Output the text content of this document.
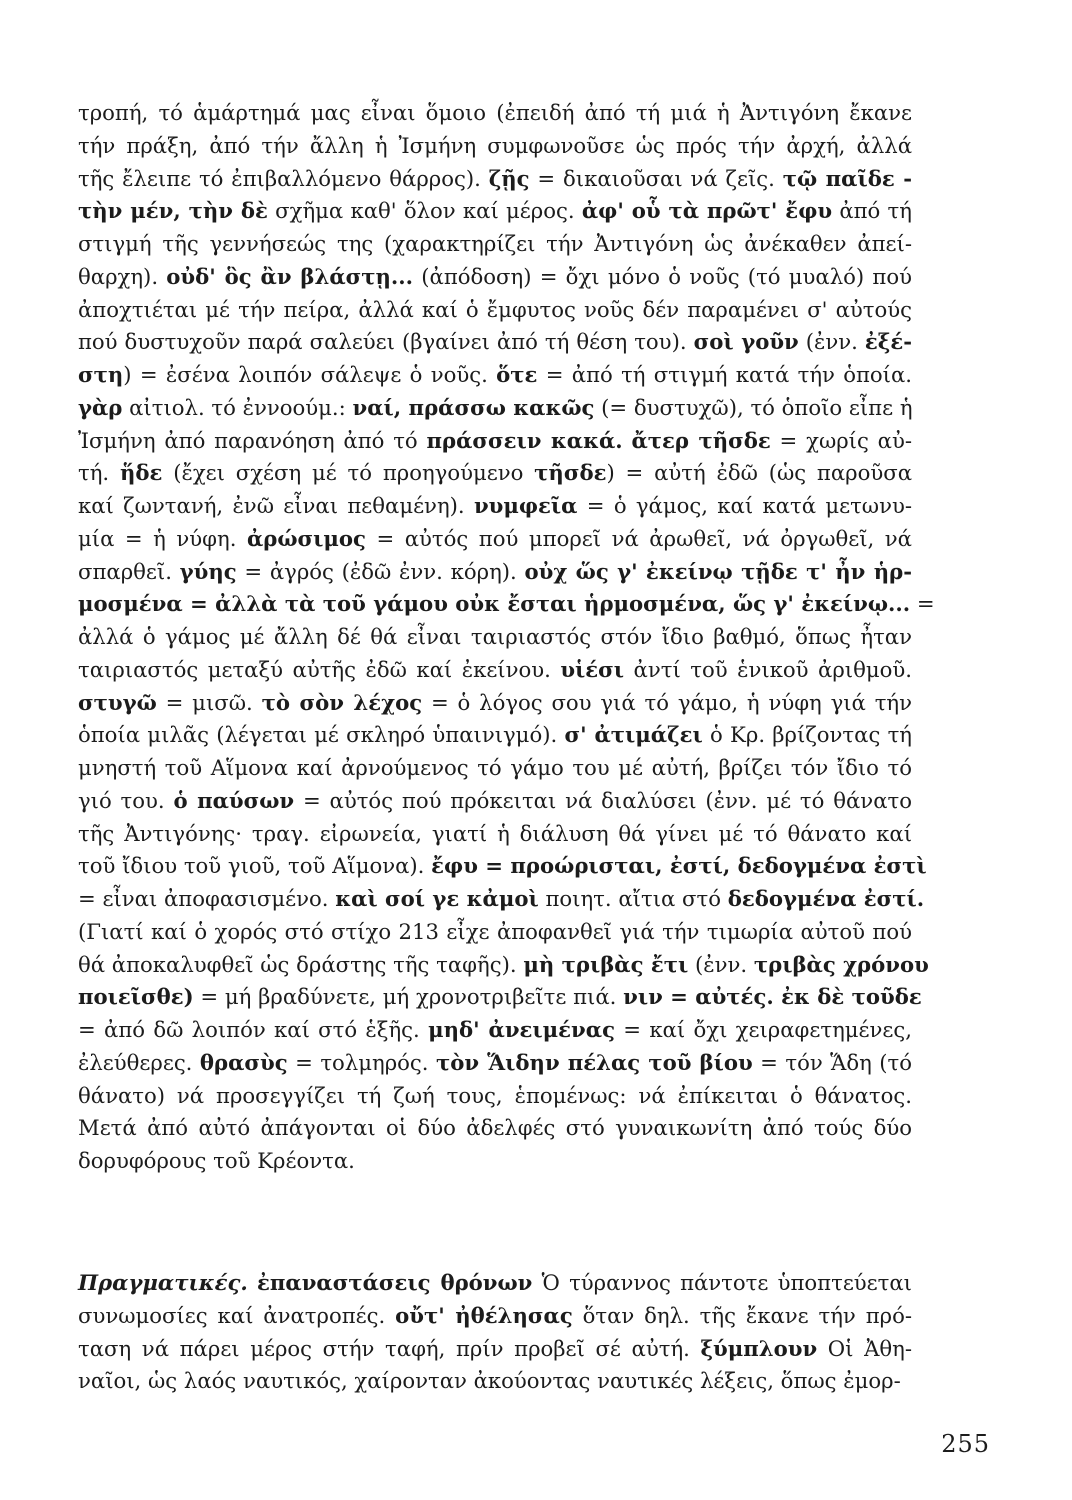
τροπή, τό ἁμάρτημά μας εἶναι ὅμοιο (ἐπειδή ἀπό τή μιά ἡ Ἀντιγόνη ἔκανε
τήν πράξη, ἀπό τήν ἄλλη ἡ Ἰσμήνη συμφωνοῦσε ὡς πρός τήν ἀρχή, ἀλλά
τῆς ἔλειπε τό ἐπιβαλλόμενο θάρρος). ζῇς = δικαιοῦσαι νά ζεῖς. τῷ παῖδε -
τὴν μέν, τὴν δὲ σχῆμα καθ' ὅλον καί μέρος. ἀφ' οὗ τὰ πρῶτ' ἔφυ ἀπό τή
στιγμή τῆς γεννήσεώς της (χαρακτηρίζει τήν Ἀντιγόνη ὡς ἀνέκαθεν ἀπεί-
θαρχη). οὐδ' ὃς ἂν βλάστῃ... (ἀπόδοση) = ὄχι μόνο ὁ νοῦς (τό μυαλό) πού
ἀποχτιέται μέ τήν πείρα, ἀλλά καί ὁ ἔμφυτος νοῦς δέν παραμένει σ' αὐτούς
πού δυστυχοῦν παρά σαλεύει (βγαίνει ἀπό τή θέση του). σοὶ γοῦν (ἐνν. ἐξέ-
στη) = ἐσένα λοιπόν σάλεψε ὁ νοῦς. ὅτε = ἀπό τή στιγμή κατά τήν ὁποία.
γὰρ αἰτιολ. τό ἐννοούμ.: ναί, πράσσω κακῶς (= δυστυχῶ), τό ὁποῖο εἶπε ἡ
Ἰσμήνη ἀπό παρανόηση ἀπό τό πράσσειν κακά. ἄτερ τῆσδε = χωρίς αὐ-
τή. ἥδε (ἔχει σχέση μέ τό προηγούμενο τῆσδε) = αὐτή ἐδῶ (ὡς παροῦσα
καί ζωντανή, ἐνῶ εἶναι πεθαμένη). νυμφεῖα = ὁ γάμος, καί κατά μετωνυ-
μία = ἡ νύφη. ἀρώσιμος = αὐτός πού μπορεῖ νά ἀρωθεῖ, νά ὀργωθεῖ, νά
σπαρθεῖ. γύης = ἀγρός (ἐδῶ ἐνν. κόρη). οὐχ ὥς γ' ἐκείνῳ τῇδε τ' ἦν ἡρ-
μοσμένα = ἀλλὰ τὰ τοῦ γάμου οὐκ ἔσται ἡρμοσμένα, ὥς γ' ἐκείνῳ... =
ἀλλά ὁ γάμος μέ ἄλλη δέ θά εἶναι ταιριαστός στόν ἴδιο βαθμό, ὅπως ἦταν
ταιριαστός μεταξύ αὐτῆς ἐδῶ καί ἐκείνου. υἱέσι ἀντί τοῦ ἑνικοῦ ἀριθμοῦ.
στυγῶ = μισῶ. τὸ σὸν λέχος = ὁ λόγος σου γιά τό γάμο, ἡ νύφη γιά τήν
ὁποία μιλᾶς (λέγεται μέ σκληρό ὑπαινιγμό). σ' ἀτιμάζει ὁ Κρ. βρίζοντας τή
μνηστή τοῦ Αἵμονα καί ἀρνούμενος τό γάμο του μέ αὐτή, βρίζει τόν ἴδιο τό
γιό του. ὁ παύσων = αὐτός πού πρόκειται νά διαλύσει (ἐνν. μέ τό θάνατο
τῆς Ἀντιγόνης· τραγ. εἰρωνεία, γιατί ἡ διάλυση θά γίνει μέ τό θάνατο καί
τοῦ ἴδιου τοῦ γιοῦ, τοῦ Αἵμονα). ἔφυ = προώρισται, ἐστί, δεδογμένα ἐστὶ
= εἶναι ἀποφασισμένο. καὶ σοί γε κἀμοὶ ποιητ. αἴτια στό δεδογμένα ἐστί.
(Γιατί καί ὁ χορός στό στίχο 213 εἶχε ἀποφανθεῖ γιά τήν τιμωρία αὐτοῦ πού
θά ἀποκαλυφθεῖ ὡς δράστης τῆς ταφῆς). μὴ τριβὰς ἔτι (ἐνν. τριβὰς χρόνου
ποιεῖσθε) = μή βραδύνετε, μή χρονοτριβεῖτε πιά. νιν = αὐτές. ἐκ δὲ τοῦδε
= ἀπό δῶ λοιπόν καί στό ἑξῆς. μηδ' ἀνειμένας = καί ὄχι χειραφετημένες,
ἐλεύθερες. θρασὺς = τολμηρός. τὸν Ἅιδην πέλας τοῦ βίου = τόν Ἅδη (τό
θάνατο) νά προσεγγίζει τή ζωή τους, ἑπομένως: νά ἐπίκειται ὁ θάνατος.
Μετά ἀπό αὐτό ἀπάγονται οἱ δύο ἀδελφές στό γυναικωνίτη ἀπό τούς δύο
δορυφόρους τοῦ Κρέοντα.
Πραγματικές. ἐπαναστάσεις θρόνων Ὁ τύραννος πάντοτε ὑποπτεύεται
συνωμοσίες καί ἀνατροπές. οὔτ' ἠθέλησας ὅταν δηλ. τῆς ἔκανε τήν πρό-
ταση νά πάρει μέρος στήν ταφή, πρίν προβεῖ σέ αὐτή. ξύμπλουν Οἱ Ἀθη-
ναῖοι, ὡς λαός ναυτικός, χαίρονταν ἀκούοντας ναυτικές λέξεις, ὅπως ἐμορ-
255
